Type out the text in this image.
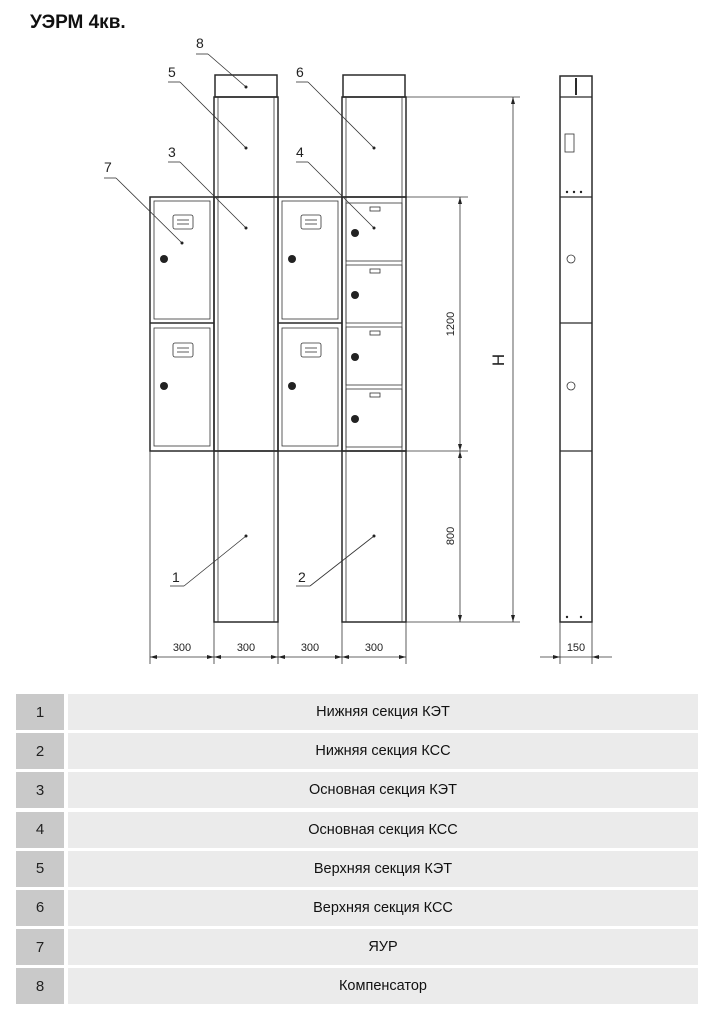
УЭРМ 4кв.
8
5	6
3	4
7
1	2
300	300	300	300	150
1200
800
H
1	Нижняя секция КЭТ
2	Нижняя секция КСС
3	Основная секция КЭТ
4	Основная секция КСС
5	Верхняя секция КЭТ
6	Верхняя секция КСС
7	ЯУР
8	Компенсатор
